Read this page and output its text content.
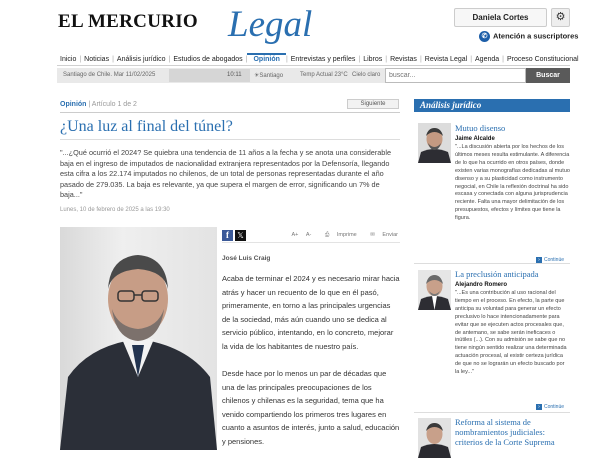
EL MERCURIO Legal	Daniela Cortes	⚙
✆ Atención a suscriptores
Inicio | Noticias | Análisis jurídico | Estudios de abogados Opinión | Entrevistas y perfiles | Libros | Revistas | Revista Legal | Agenda | Proceso Constitucional
Santiago de Chile. Mar 11/02/2025	10:11 ☀Santiago	Temp Actual 23°C Cielo claro
buscar...	Buscar
Opinión | Artículo 1 de 2	Siguiente
¿Una luz al final del túnel?
"...¿Qué ocurrió el 2024? Se quiebra una tendencia de 11 años a la fecha y se anota una considerable baja en el ingreso de imputados de nacionalidad extranjera representados por la Defensoría, llegando esta cifra a los 22.174 imputados no chilenos, de un total de personas representadas durante el año pasado de 279.035. La baja es relevante, ya que supera el margen de error, significando un 7% de baja..."
Lunes, 10 de febrero de 2025 a las 19:30
f	𝕏	A+ A- ⎙ Imprime ✉ Enviar
José Luis Craig

Acaba de terminar el 2024 y es necesario mirar hacia atrás y hacer un recuento de lo que en él pasó, primeramente, en torno a las principales urgencias de la sociedad, más aún cuando uno se dedica al servicio público, intentando, en lo concreto, mejorar la vida de los habitantes de nuestro país.

Desde hace por lo menos un par de décadas que una de las principales preocupaciones de los chilenos y chilenas es la seguridad, tema que ha venido compartiendo los primeros tres lugares en cuanto a asuntos de interés, junto a salud, educación y pensiones.

Análisis jurídico
Mutuo disenso
Jaime Alcalde
"...La discusión abierta por los hechos de los últimos meses resulta estimulante. A diferencia de lo que ha ocurrido en otros países, donde existen varias monografías dedicadas al mutuo disenso y a su plasticidad como instrumento negocial, en Chile la reflexión doctrinal ha sido escasa y conectada con alguna jurisprudencia reciente. Falta una mayor delimitación de los presupuestos, efectos y límites que tiene la figura.
› Continúe
La preclusión anticipada
Alejandro Romero
"...Es una contribución al uso racional del tiempo en el proceso. En efecto, la parte que anticipa su voluntad para generar un efecto preclusivo lo hace intencionadamente para evitar que se ejecuten actos procesales que, de antemano, se sabe serán ineficaces o inútiles (...). Con su admisión se sabe que no tiene ningún sentido realizar una determinada actuación procesal, al existir certeza jurídica de que no se lograrán un efecto buscado por la ley..."
› Continúe
Reforma al sistema de nombramientos judiciales: criterios de la Corte Suprema
